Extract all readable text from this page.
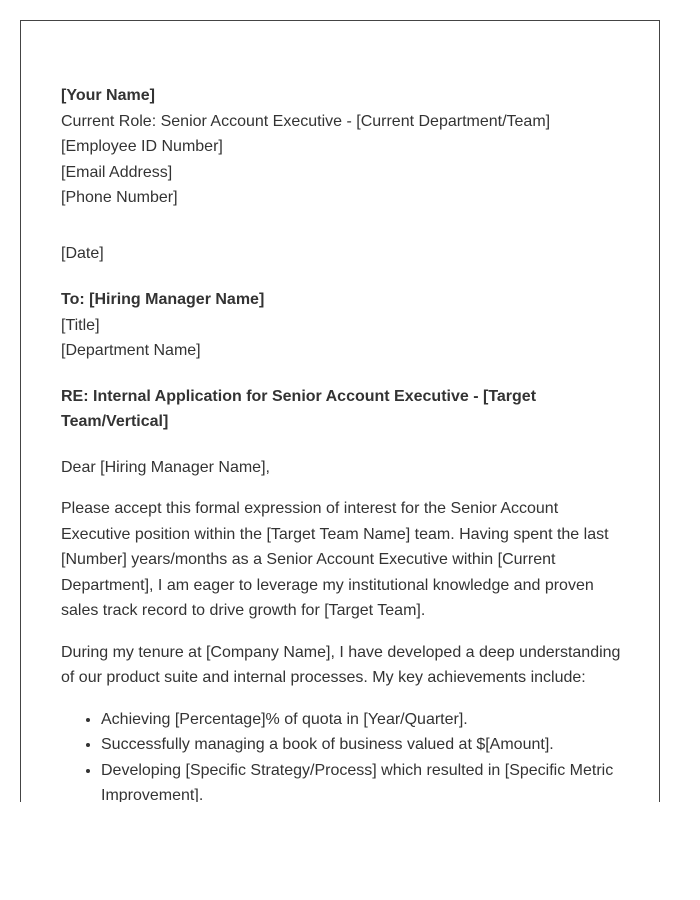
[Your Name]
Current Role: Senior Account Executive - [Current Department/Team]
[Employee ID Number]
[Email Address]
[Phone Number]
[Date]
To: [Hiring Manager Name]
[Title]
[Department Name]
RE: Internal Application for Senior Account Executive - [Target Team/Vertical]
Dear [Hiring Manager Name],
Please accept this formal expression of interest for the Senior Account Executive position within the [Target Team Name] team. Having spent the last [Number] years/months as a Senior Account Executive within [Current Department], I am eager to leverage my institutional knowledge and proven sales track record to drive growth for [Target Team].
During my tenure at [Company Name], I have developed a deep understanding of our product suite and internal processes. My key achievements include:
• Achieving [Percentage]% of quota in [Year/Quarter].
• Successfully managing a book of business valued at $[Amount].
• Developing [Specific Strategy/Process] which resulted in [Specific Metric Improvement].
